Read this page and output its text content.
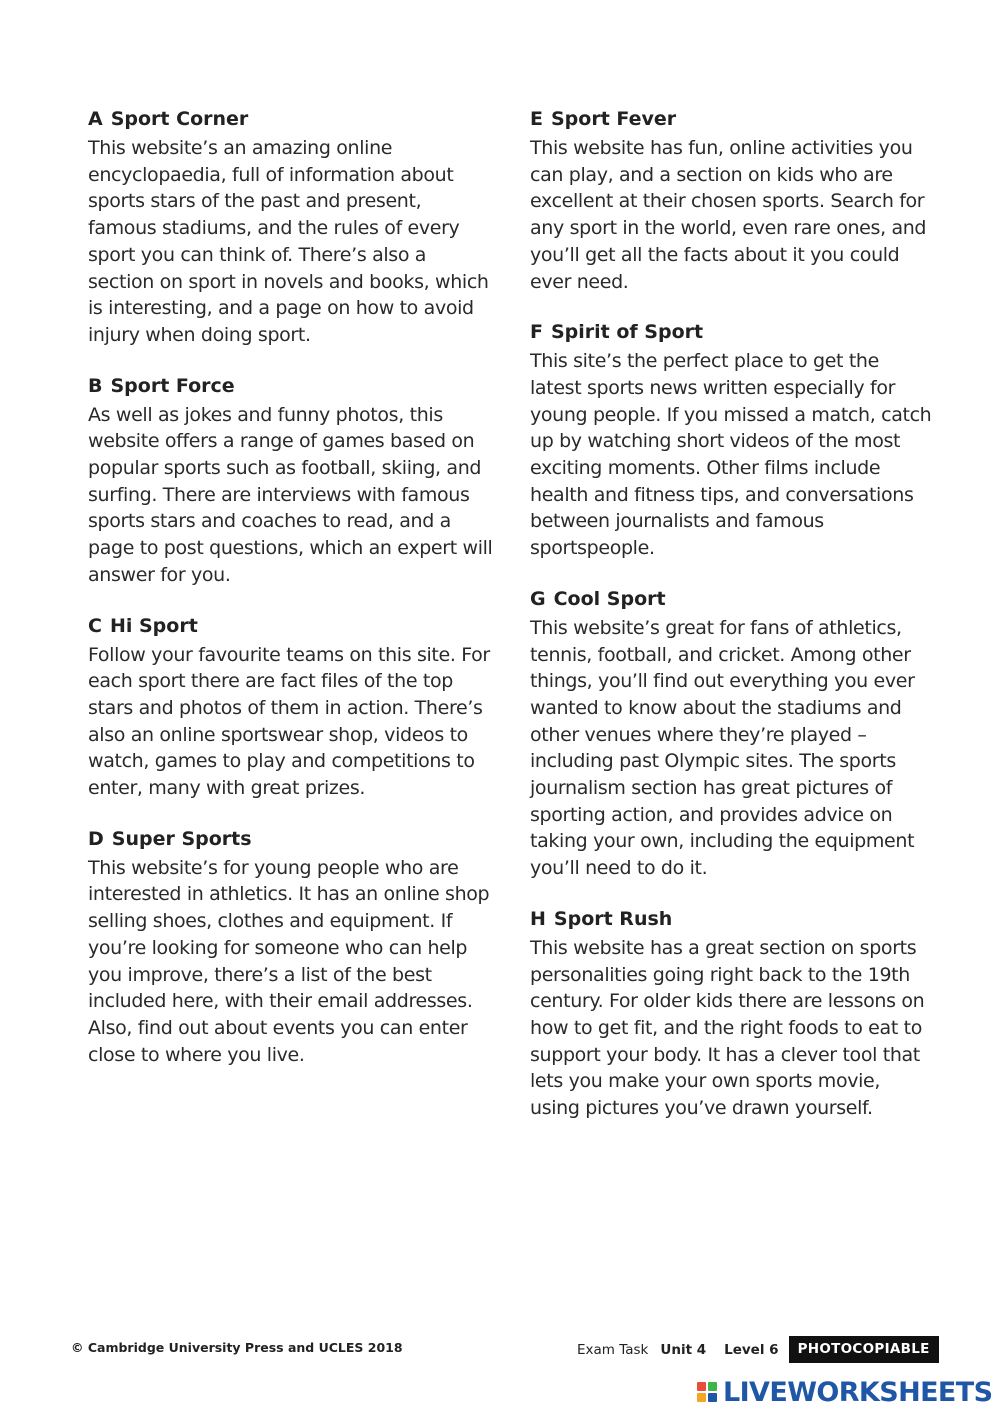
A Sport Corner

This website’s an amazing online encyclopaedia, full of information about sports stars of the past and present, famous stadiums, and the rules of every sport you can think of. There’s also a section on sport in novels and books, which is interesting, and a page on how to avoid injury when doing sport.

B Sport Force

As well as jokes and funny photos, this website offers a range of games based on popular sports such as football, skiing, and surfing. There are interviews with famous sports stars and coaches to read, and a page to post questions, which an expert will answer for you.

C Hi Sport

Follow your favourite teams on this site. For each sport there are fact files of the top stars and photos of them in action. There’s also an online sportswear shop, videos to watch, games to play and competitions to enter, many with great prizes.

D Super Sports

This website’s for young people who are interested in athletics. It has an online shop selling shoes, clothes and equipment. If you’re looking for someone who can help you improve, there’s a list of the best included here, with their email addresses. Also, find out about events you can enter close to where you live.

E Sport Fever

This website has fun, online activities you can play, and a section on kids who are excellent at their chosen sports. Search for any sport in the world, even rare ones, and you’ll get all the facts about it you could ever need.

F Spirit of Sport

This site’s the perfect place to get the latest sports news written especially for young people. If you missed a match, catch up by watching short videos of the most exciting moments. Other films include health and fitness tips, and conversations between journalists and famous sportspeople.

G Cool Sport

This website’s great for fans of athletics, tennis, football, and cricket. Among other things, you’ll find out everything you ever wanted to know about the stadiums and other venues where they’re played – including past Olympic sites. The sports journalism section has great pictures of sporting action, and provides advice on taking your own, including the equipment you’ll need to do it.

H Sport Rush

This website has a great section on sports personalities going right back to the 19th century. For older kids there are lessons on how to get fit, and the right foods to eat to support your body. It has a clever tool that lets you make your own sports movie, using pictures you’ve drawn yourself.

© Cambridge University Press and UCLES 2018	Exam Task Unit 4 Level 6	PHOTOCOPIABLE
LIVEWORKSHEETS
